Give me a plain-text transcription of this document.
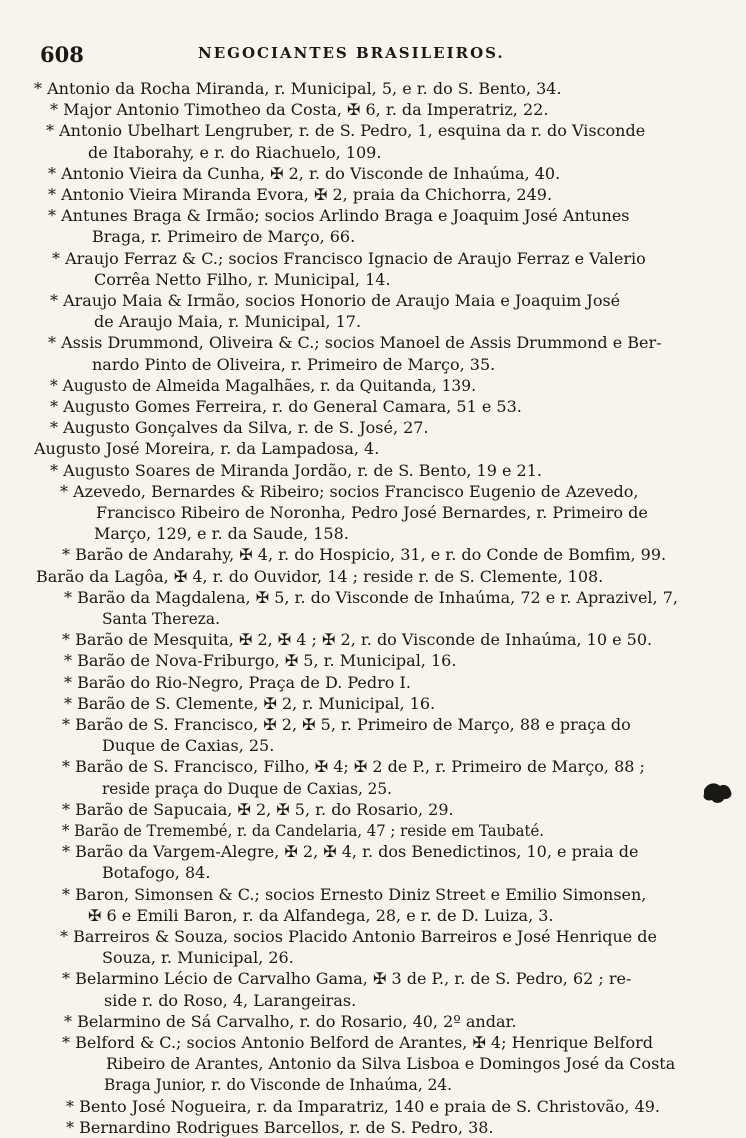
608	NEGOCIANTES BRASILEIROS.
* Antonio da Rocha Miranda, r. Municipal, 5, e r. do S. Bento, 34.
* Major Antonio Timotheo da Costa, ✠ 6, r. da Imperatriz, 22.
* Antonio Ubelhart Lengruber, r. de S. Pedro, 1, esquina da r. do Visconde
de Itaborahy, e r. do Riachuelo, 109.
* Antonio Vieira da Cunha, ✠ 2, r. do Visconde de Inhaúma, 40.
* Antonio Vieira Miranda Evora, ✠ 2, praia da Chichorra, 249.
* Antunes Braga & Irmão; socios Arlindo Braga e Joaquim José Antunes
Braga, r. Primeiro de Março, 66.
* Araujo Ferraz & C.; socios Francisco Ignacio de Araujo Ferraz e Valerio
Corrêa Netto Filho, r. Municipal, 14.
* Araujo Maia & Irmão, socios Honorio de Araujo Maia e Joaquim José
de Araujo Maia, r. Municipal, 17.
* Assis Drummond, Oliveira & C.; socios Manoel de Assis Drummond e Ber-
nardo Pinto de Oliveira, r. Primeiro de Março, 35.
* Augusto de Almeida Magalhães, r. da Quitanda, 139.
* Augusto Gomes Ferreira, r. do General Camara, 51 e 53.
* Augusto Gonçalves da Silva, r. de S. José, 27.
Augusto José Moreira, r. da Lampadosa, 4.
* Augusto Soares de Miranda Jordão, r. de S. Bento, 19 e 21.
* Azevedo, Bernardes & Ribeiro; socios Francisco Eugenio de Azevedo,
Francisco Ribeiro de Noronha, Pedro José Bernardes, r. Primeiro de
Março, 129, e r. da Saude, 158.
* Barão de Andarahy, ✠ 4, r. do Hospicio, 31, e r. do Conde de Bomfim, 99.
Barão da Lagôa, ✠ 4, r. do Ouvidor, 14 ; reside r. de S. Clemente, 108.
* Barão da Magdalena, ✠ 5, r. do Visconde de Inhaúma, 72 e r. Aprazivel, 7,
Santa Thereza.
* Barão de Mesquita, ✠ 2, ✠ 4 ; ✠ 2, r. do Visconde de Inhaúma, 10 e 50.
* Barão de Nova-Friburgo, ✠ 5, r. Municipal, 16.
* Barão do Rio-Negro, Praça de D. Pedro I.
* Barão de S. Clemente, ✠ 2, r. Municipal, 16.
* Barão de S. Francisco, ✠ 2, ✠ 5, r. Primeiro de Março, 88 e praça do
Duque de Caxias, 25.
* Barão de S. Francisco, Filho, ✠ 4; ✠ 2 de P., r. Primeiro de Março, 88 ;
reside praça do Duque de Caxias, 25.
* Barão de Sapucaia, ✠ 2, ✠ 5, r. do Rosario, 29.
* Barão de Tremembé, r. da Candelaria, 47 ; reside em Taubaté.
* Barão da Vargem-Alegre, ✠ 2, ✠ 4, r. dos Benedictinos, 10, e praia de
Botafogo, 84.
* Baron, Simonsen & C.; socios Ernesto Diniz Street e Emilio Simonsen,
✠ 6 e Emili Baron, r. da Alfandega, 28, e r. de D. Luiza, 3.
* Barreiros & Souza, socios Placido Antonio Barreiros e José Henrique de
Souza, r. Municipal, 26.
* Belarmino Lécio de Carvalho Gama, ✠ 3 de P., r. de S. Pedro, 62 ; re-
side r. do Roso, 4, Larangeiras.
* Belarmino de Sá Carvalho, r. do Rosario, 40, 2º andar.
* Belford & C.; socios Antonio Belford de Arantes, ✠ 4; Henrique Belford
Ribeiro de Arantes, Antonio da Silva Lisboa e Domingos José da Costa
Braga Junior, r. do Visconde de Inhaúma, 24.
* Bento José Nogueira, r. da Imparatriz, 140 e praia de S. Christovão, 49.
* Bernardino Rodrigues Barcellos, r. de S. Pedro, 38.
